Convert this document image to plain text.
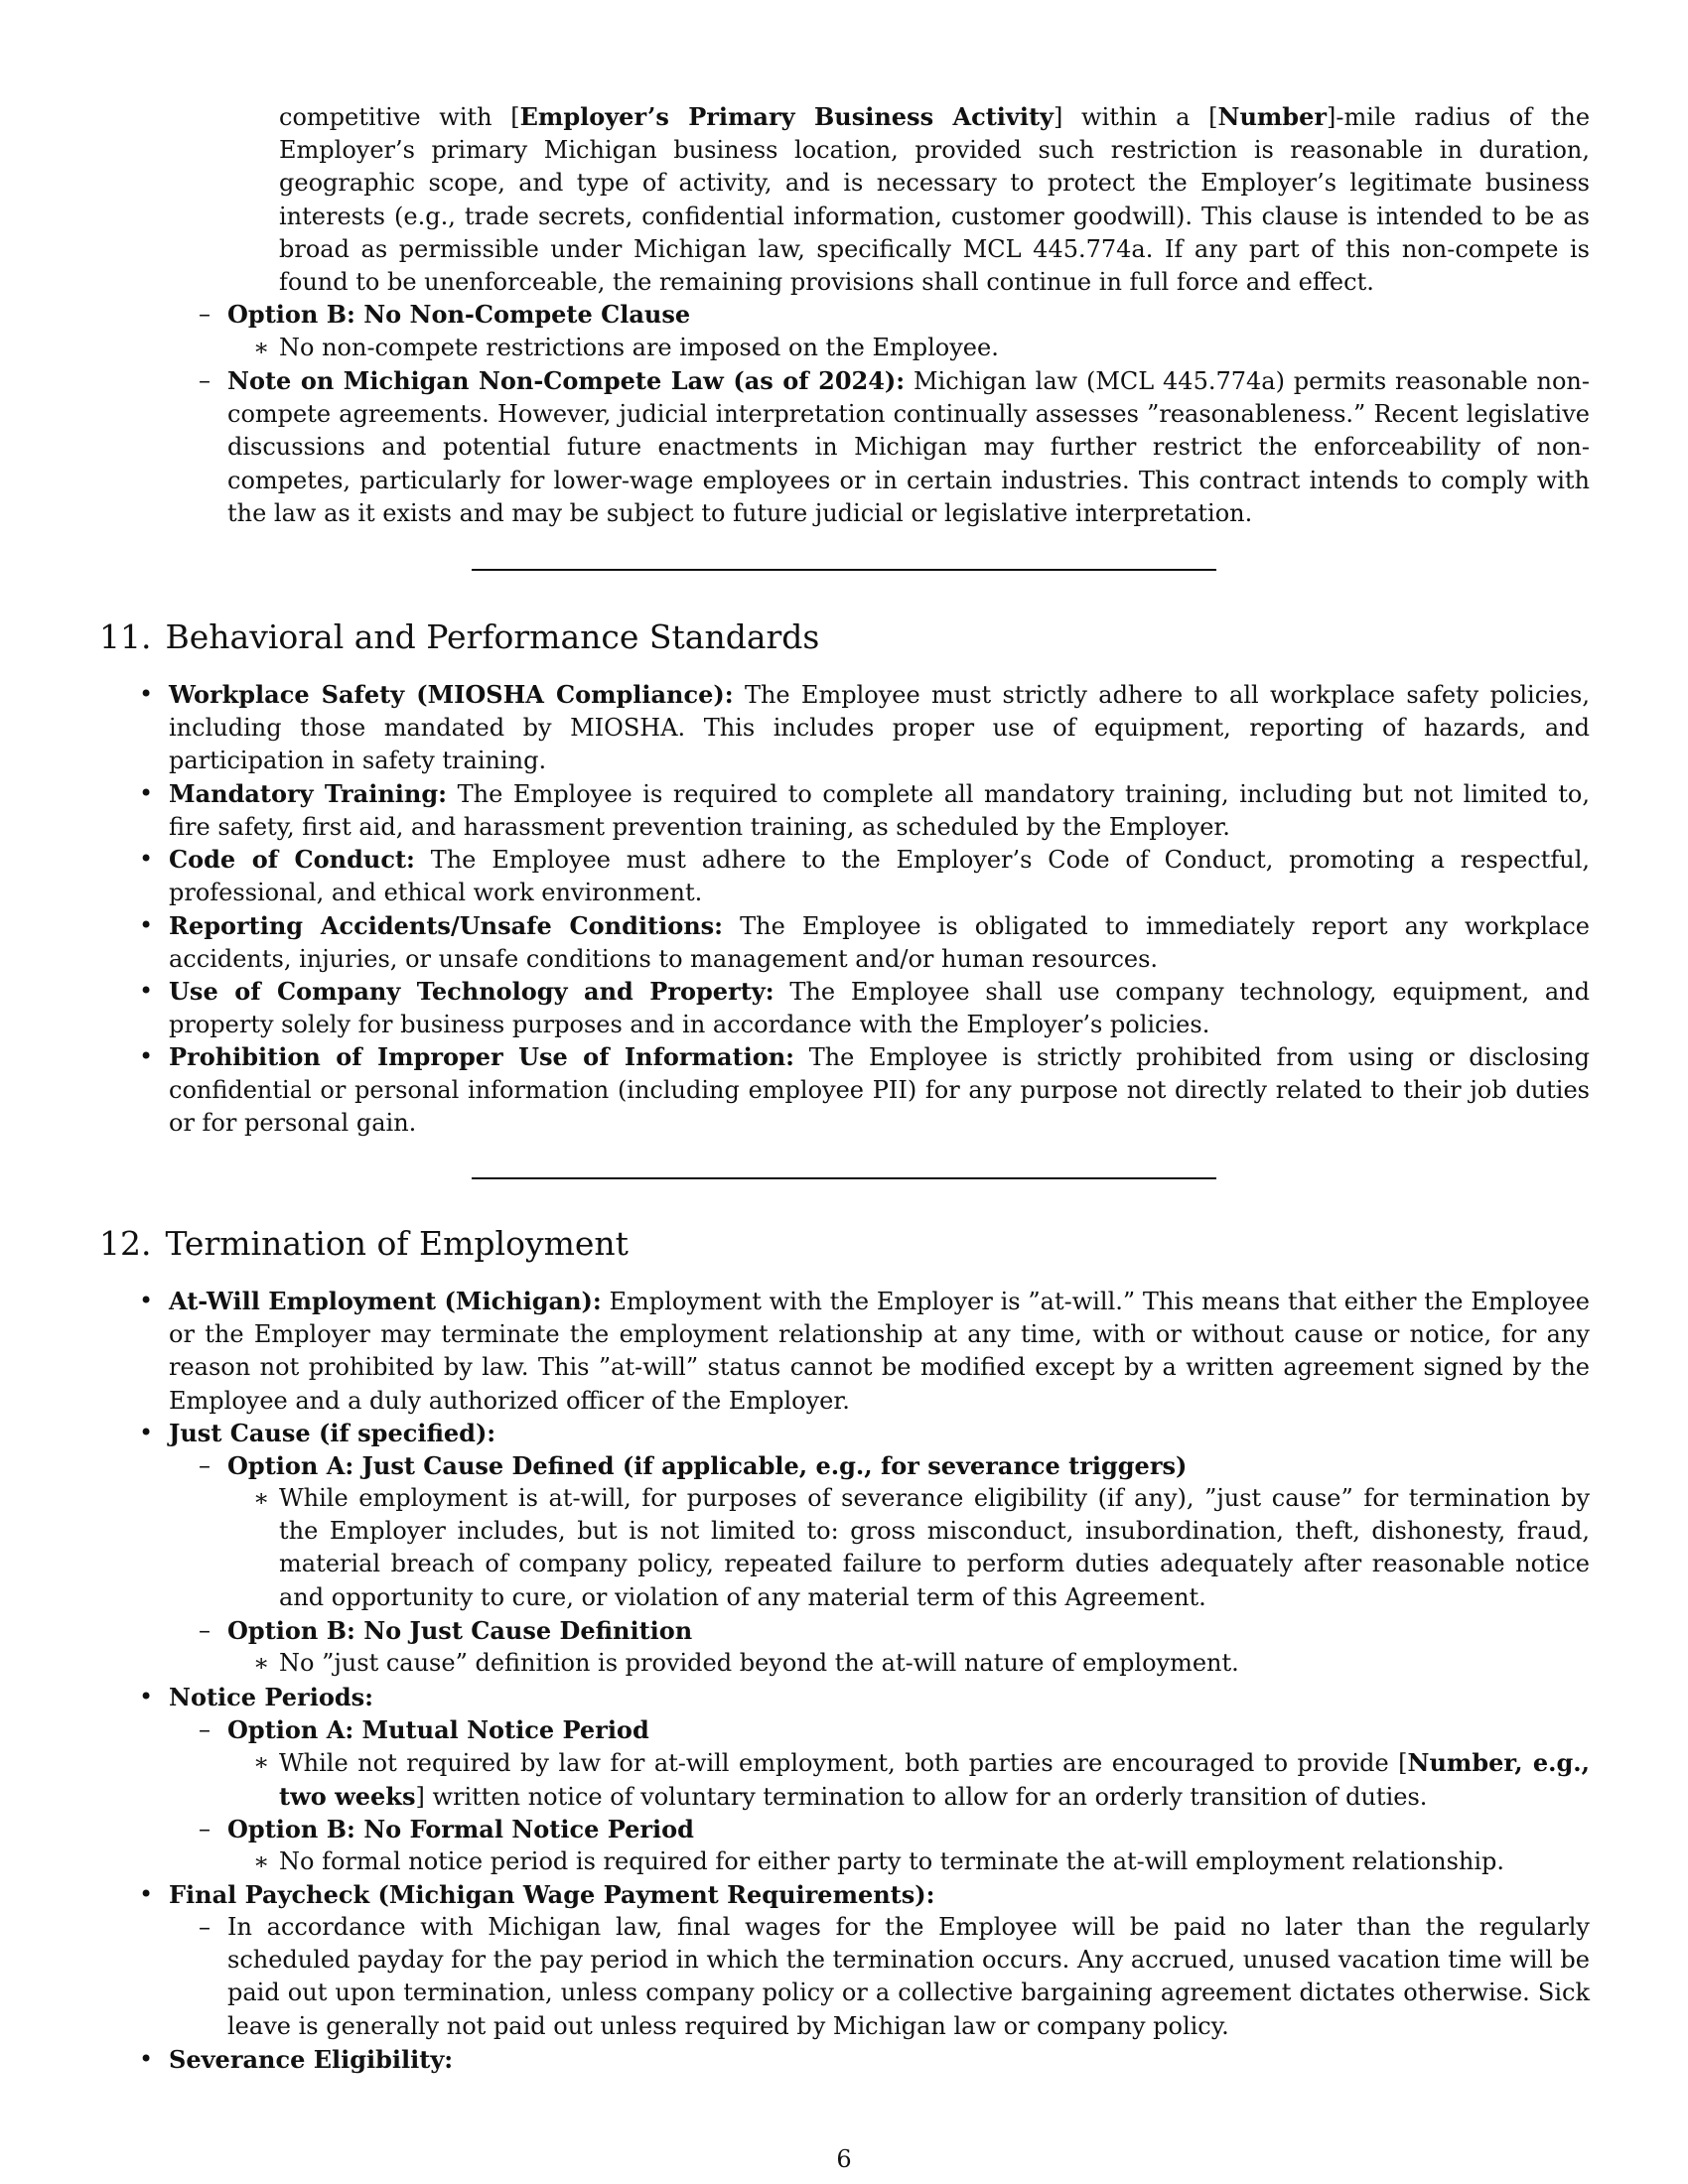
competitive with [Employer’s Primary Business Activity] within a [Number]-mile radius of the Employer’s primary Michigan business location, provided such restriction is reasonable in duration, geographic scope, and type of activity, and is necessary to protect the Employer’s legitimate business interests (e.g., trade secrets, confidential information, customer goodwill). This clause is intended to be as broad as permissible under Michigan law, specifically MCL 445.774a. If any part of this non-compete is found to be unenforceable, the remaining provisions shall continue in full force and effect.

– Option B: No Non-Compete Clause

∗ No non-compete restrictions are imposed on the Employee.

– Note on Michigan Non-Compete Law (as of 2024): Michigan law (MCL 445.774a) permits reasonable non-compete agreements. However, judicial interpretation continually assesses ”reasonableness.” Recent legislative discussions and potential future enactments in Michigan may further restrict the enforceability of non-competes, particularly for lower-wage employees or in certain industries. This contract intends to comply with the law as it exists and may be subject to future judicial or legislative interpretation.

11. Behavioral and Performance Standards
• Workplace Safety (MIOSHA Compliance): The Employee must strictly adhere to all workplace safety policies, including those mandated by MIOSHA. This includes proper use of equipment, reporting of hazards, and participation in safety training.

• Mandatory Training: The Employee is required to complete all mandatory training, including but not limited to, fire safety, first aid, and harassment prevention training, as scheduled by the Employer.

• Code of Conduct: The Employee must adhere to the Employer’s Code of Conduct, promoting a respectful, professional, and ethical work environment.

• Reporting Accidents/Unsafe Conditions: The Employee is obligated to immediately report any workplace accidents, injuries, or unsafe conditions to management and/or human resources.

• Use of Company Technology and Property: The Employee shall use company technology, equipment, and property solely for business purposes and in accordance with the Employer’s policies.

• Prohibition of Improper Use of Information: The Employee is strictly prohibited from using or disclosing confidential or personal information (including employee PII) for any purpose not directly related to their job duties or for personal gain.

12. Termination of Employment
• At-Will Employment (Michigan): Employment with the Employer is ”at-will.” This means that either the Employee or the Employer may terminate the employment relationship at any time, with or without cause or notice, for any reason not prohibited by law. This ”at-will” status cannot be modified except by a written agreement signed by the Employee and a duly authorized officer of the Employer.

• Just Cause (if specified):

– Option A: Just Cause Defined (if applicable, e.g., for severance triggers)

∗ While employment is at-will, for purposes of severance eligibility (if any), ”just cause” for termination by the Employer includes, but is not limited to: gross misconduct, insubordination, theft, dishonesty, fraud, material breach of company policy, repeated failure to perform duties adequately after reasonable notice and opportunity to cure, or violation of any material term of this Agreement.

– Option B: No Just Cause Definition

∗ No ”just cause” definition is provided beyond the at-will nature of employment.

• Notice Periods:

– Option A: Mutual Notice Period

∗ While not required by law for at-will employment, both parties are encouraged to provide [Number, e.g., two weeks] written notice of voluntary termination to allow for an orderly transition of duties.

– Option B: No Formal Notice Period

∗ No formal notice period is required for either party to terminate the at-will employment relationship.

• Final Paycheck (Michigan Wage Payment Requirements):

– In accordance with Michigan law, final wages for the Employee will be paid no later than the regularly scheduled payday for the pay period in which the termination occurs. Any accrued, unused vacation time will be paid out upon termination, unless company policy or a collective bargaining agreement dictates otherwise. Sick leave is generally not paid out unless required by Michigan law or company policy.

• Severance Eligibility:

6
